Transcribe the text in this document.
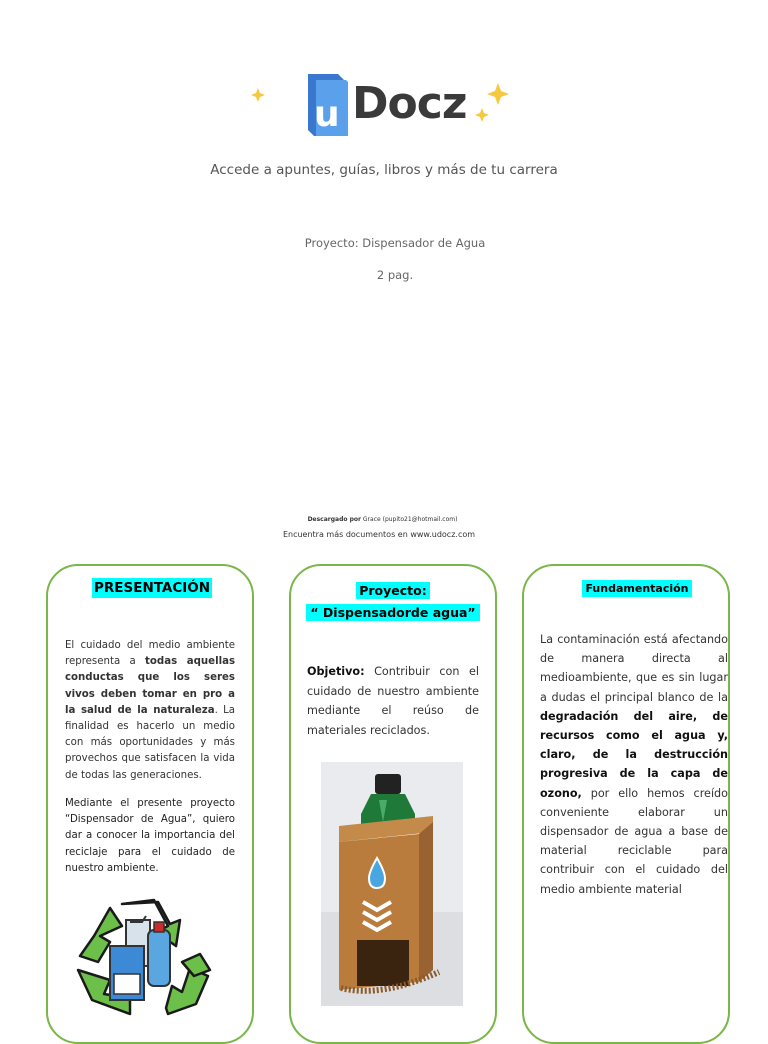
u Docz
Accede a apuntes, guías, libros y más de tu carrera
Proyecto: Dispensador de Agua
2 pag.
Descargado por Grace (pupito21@hotmail.com)
Encuentra más documentos en www.udocz.com
PRESENTACIÓN
El cuidado del medio ambiente representa a todas aquellas conductas que los seres vivos deben tomar en pro a la salud de la naturaleza. La finalidad es hacerlo un medio con más oportunidades y más provechos que satisfacen la vida de todas las generaciones.
Mediante el presente proyecto “Dispensador de Agua”, quiero dar a conocer la importancia del reciclaje para el cuidado de nuestro ambiente.
Proyecto:
“ Dispensadorde agua”
Objetivo: Contribuir con el cuidado de nuestro ambiente mediante el reúso de materiales reciclados.
Fundamentación
La contaminación está afectando de manera directa al medioambiente, que es sin lugar a dudas el principal blanco de la degradación del aire, de recursos como el agua y, claro, de la destrucción progresiva de la capa de ozono, por ello hemos creído conveniente elaborar un dispensador de agua a base de material reciclable para contribuir con el cuidado del medio ambiente material
